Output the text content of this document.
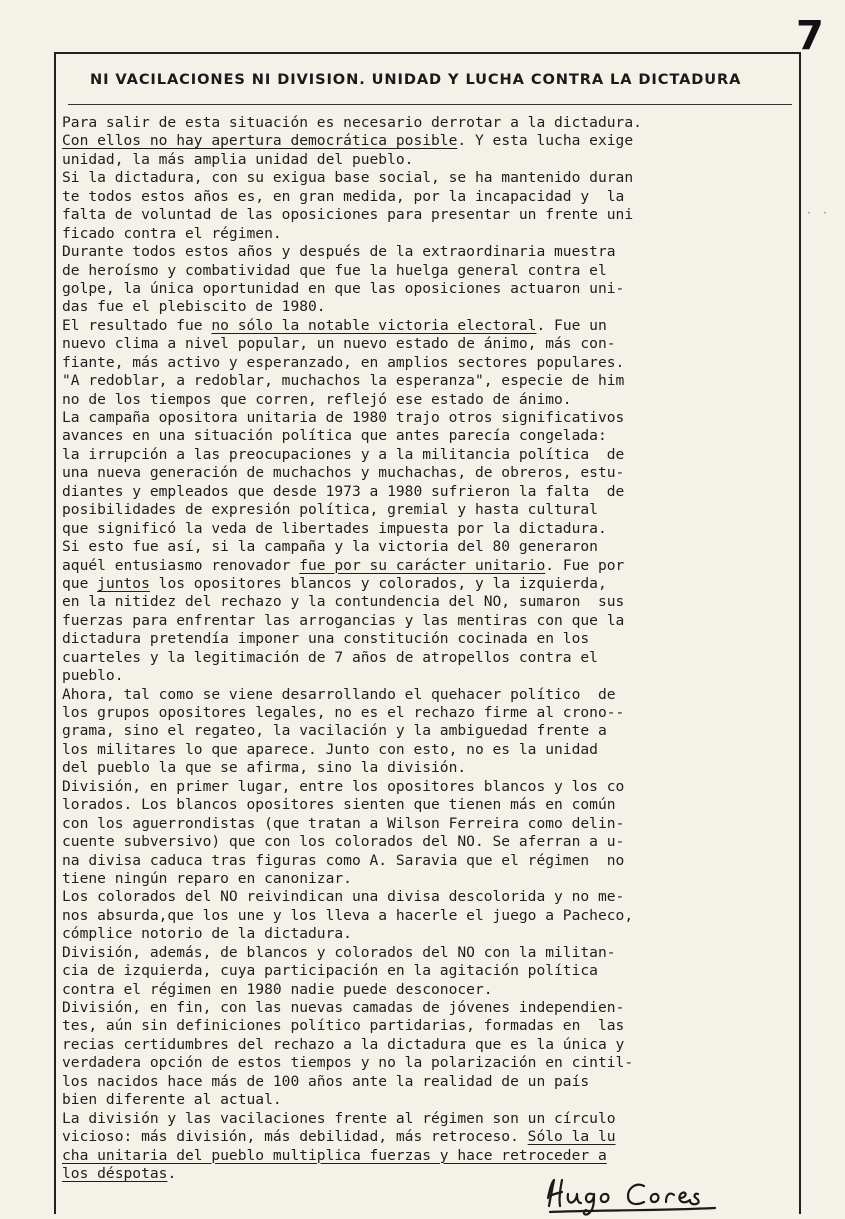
7
· ·
NI VACILACIONES NI DIVISION. UNIDAD Y LUCHA CONTRA LA DICTADURA
Para salir de esta situación es necesario derrotar a la dictadura.
Con ellos no hay apertura democrática posible. Y esta lucha exige
unidad, la más amplia unidad del pueblo.
Si la dictadura, con su exigua base social, se ha mantenido duran
te todos estos años es, en gran medida, por la incapacidad y  la
falta de voluntad de las oposiciones para presentar un frente uni
ficado contra el régimen.
Durante todos estos años y después de la extraordinaria muestra
de heroísmo y combatividad que fue la huelga general contra el
golpe, la única oportunidad en que las oposiciones actuaron uni-
das fue el plebiscito de 1980.
El resultado fue no sólo la notable victoria electoral. Fue un
nuevo clima a nivel popular, un nuevo estado de ánimo, más con-
fiante, más activo y esperanzado, en amplios sectores populares.
"A redoblar, a redoblar, muchachos la esperanza", especie de him
no de los tiempos que corren, reflejó ese estado de ánimo.
La campaña opositora unitaria de 1980 trajo otros significativos
avances en una situación política que antes parecía congelada:
la irrupción a las preocupaciones y a la militancia política  de
una nueva generación de muchachos y muchachas, de obreros, estu-
diantes y empleados que desde 1973 a 1980 sufrieron la falta  de
posibilidades de expresión política, gremial y hasta cultural
que significó la veda de libertades impuesta por la dictadura.
Si esto fue así, si la campaña y la victoria del 80 generaron
aquél entusiasmo renovador fue por su carácter unitario. Fue por
que juntos los opositores blancos y colorados, y la izquierda,
en la nitidez del rechazo y la contundencia del NO, sumaron  sus
fuerzas para enfrentar las arrogancias y las mentiras con que la
dictadura pretendía imponer una constitución cocinada en los
cuarteles y la legitimación de 7 años de atropellos contra el
pueblo.
Ahora, tal como se viene desarrollando el quehacer político  de
los grupos opositores legales, no es el rechazo firme al crono--
grama, sino el regateo, la vacilación y la ambiguedad frente a
los militares lo que aparece. Junto con esto, no es la unidad
del pueblo la que se afirma, sino la división.
División, en primer lugar, entre los opositores blancos y los co
lorados. Los blancos opositores sienten que tienen más en común
con los aguerrondistas (que tratan a Wilson Ferreira como delin-
cuente subversivo) que con los colorados del NO. Se aferran a u-
na divisa caduca tras figuras como A. Saravia que el régimen  no
tiene ningún reparo en canonizar.
Los colorados del NO reivindican una divisa descolorida y no me-
nos absurda,que los une y los lleva a hacerle el juego a Pacheco,
cómplice notorio de la dictadura.
División, además, de blancos y colorados del NO con la militan-
cia de izquierda, cuya participación en la agitación política
contra el régimen en 1980 nadie puede desconocer.
División, en fin, con las nuevas camadas de jóvenes independien-
tes, aún sin definiciones político partidarias, formadas en  las
recias certidumbres del rechazo a la dictadura que es la única y
verdadera opción de estos tiempos y no la polarización en cintil-
los nacidos hace más de 100 años ante la realidad de un país
bien diferente al actual.
La división y las vacilaciones frente al régimen son un círculo
vicioso: más división, más debilidad, más retroceso. Sólo la lu
cha unitaria del pueblo multiplica fuerzas y hace retroceder a
los déspotas.
